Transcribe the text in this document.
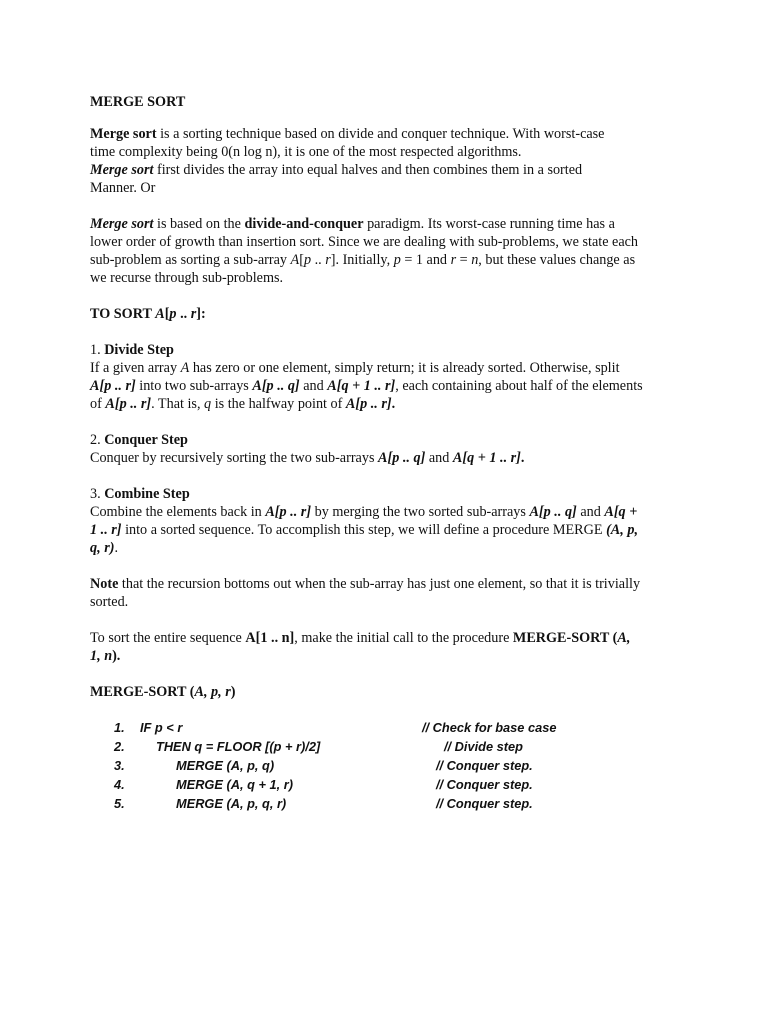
MERGE SORT

Merge sort is a sorting technique based on divide and conquer technique. With worst-case

time complexity being 0(n log n), it is one of the most respected algorithms.

Merge sort first divides the array into equal halves and then combines them in a sorted

Manner. Or

Merge sort is based on the divide-and-conquer paradigm. Its worst-case running time has a

lower order of growth than insertion sort. Since we are dealing with sub-problems, we state each

sub-problem as sorting a sub-array A[p .. r]. Initially, p = 1 and r = n, but these values change as

we recurse through sub-problems.

TO SORT A[p .. r]:

1. Divide Step

If a given array A has zero or one element, simply return; it is already sorted. Otherwise, split

A[p .. r] into two sub-arrays A[p .. q] and A[q + 1 .. r], each containing about half of the elements

of A[p .. r]. That is, q is the halfway point of A[p .. r].

2. Conquer Step

Conquer by recursively sorting the two sub-arrays A[p .. q] and A[q + 1 .. r].

3. Combine Step

Combine the elements back in A[p .. r] by merging the two sorted sub-arrays A[p .. q] and A[q +

1 .. r] into a sorted sequence. To accomplish this step, we will define a procedure MERGE (A, p,

q, r).

Note that the recursion bottoms out when the sub-array has just one element, so that it is trivially

sorted.

To sort the entire sequence A[1 .. n], make the initial call to the procedure MERGE-SORT (A,

1, n).

MERGE-SORT (A, p, r)

1. IF p < r	// Check for base case
2. THEN q = FLOOR [(p + r)/2]	// Divide step
3.	MERGE (A, p, q)	// Conquer step.
4.	MERGE (A, q + 1, r)	// Conquer step.
5.	MERGE (A, p, q, r)	// Conquer step.
